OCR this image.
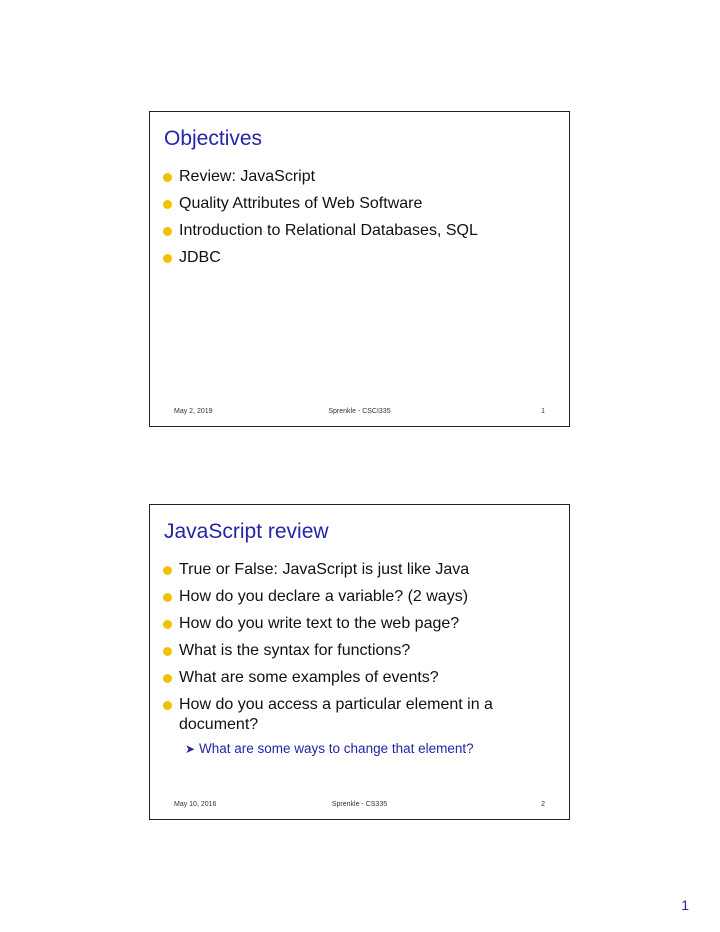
Objectives
Review: JavaScript
Quality Attributes of Web Software
Introduction to Relational Databases, SQL
JDBC
May 2, 2019	Sprenkle - CSCI335	1
JavaScript review
True or False: JavaScript is just like Java
How do you declare a variable? (2 ways)
How do you write text to the web page?
What is the syntax for functions?
What are some examples of events?
How do you access a particular element in a document?
➤ What are some ways to change that element?
May 10, 2016	Sprenkle - CS335	2
1
